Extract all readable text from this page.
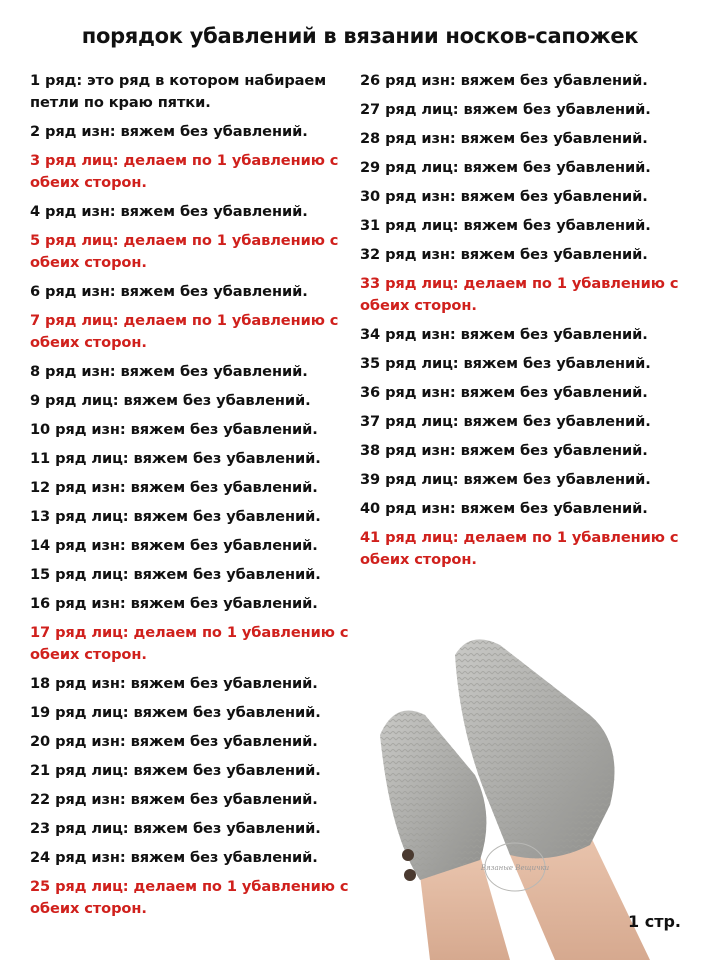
порядок убавлений в вязании носков-сапожек
1 ряд: это ряд в котором набираем петли по краю пятки.
2 ряд изн: вяжем без убавлений.
3 ряд лиц: делаем по 1 убавлению с обеих сторон.
4 ряд изн: вяжем без убавлений.
5 ряд лиц: делаем по 1 убавлению с обеих сторон.
6 ряд изн: вяжем без убавлений.
7 ряд лиц: делаем по 1 убавлению с обеих сторон.
8 ряд изн: вяжем без убавлений.
9 ряд лиц: вяжем без убавлений.
10 ряд изн: вяжем без убавлений.
11 ряд лиц: вяжем без убавлений.
12 ряд изн: вяжем без убавлений.
13 ряд лиц: вяжем без убавлений.
14 ряд изн: вяжем без убавлений.
15 ряд лиц: вяжем без убавлений.
16 ряд изн: вяжем без убавлений.
17 ряд лиц: делаем по 1 убавлению с обеих сторон.
18 ряд изн: вяжем без убавлений.
19 ряд лиц: вяжем без убавлений.
20 ряд изн: вяжем без убавлений.
21 ряд лиц: вяжем без убавлений.
22 ряд изн: вяжем без убавлений.
23 ряд лиц: вяжем без убавлений.
24 ряд изн: вяжем без убавлений.
25 ряд лиц: делаем по 1 убавлению с обеих сторон.
26 ряд изн: вяжем без убавлений.
27 ряд лиц: вяжем без убавлений.
28 ряд изн: вяжем без убавлений.
29 ряд лиц: вяжем без убавлений.
30 ряд изн: вяжем без убавлений.
31 ряд лиц: вяжем без убавлений.
32 ряд изн: вяжем без убавлений.
33 ряд лиц: делаем по 1 убавлению с обеих сторон.
34 ряд изн: вяжем без убавлений.
35 ряд лиц: вяжем без убавлений.
36 ряд изн: вяжем без убавлений.
37 ряд лиц: вяжем без убавлений.
38 ряд изн: вяжем без убавлений.
39 ряд лиц: вяжем без убавлений.
40 ряд изн: вяжем без убавлений.
41 ряд лиц: делаем по 1 убавлению с обеих сторон.
Вязаные Вещички
1 стр.
